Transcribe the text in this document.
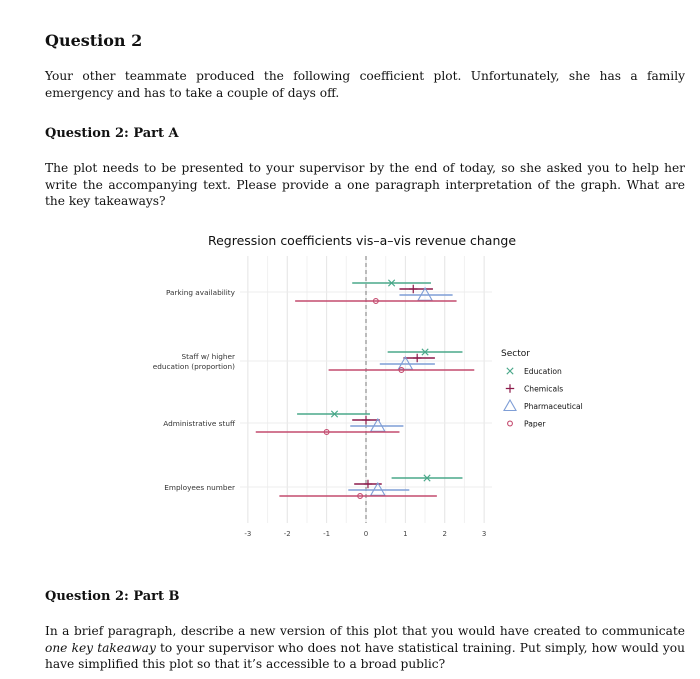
Question 2

Your other teammate produced the following coefficient plot. Unfortunately, she has a family emergency and has to take a couple of days off.

Question 2: Part A

The plot needs to be presented to your supervisor by the end of today, so she asked you to help her write the accompanying text. Please provide a one paragraph interpretation of the graph. What are the key takeaways?

Regression coefficients vis–a–vis revenue change
-3	-2	-1	0	1	2	3
Parking availability
Staff w/ higher
education (proportion)
Administrative stuff
Employees number
Sector
Education
Chemicals
Pharmaceutical
Paper
Question 2: Part B

In a brief paragraph, describe a new version of this plot that you would have created to communicate one key takeaway to your supervisor who does not have statistical training. Put simply, how would you have simplified this plot so that it’s accessible to a broad public?
